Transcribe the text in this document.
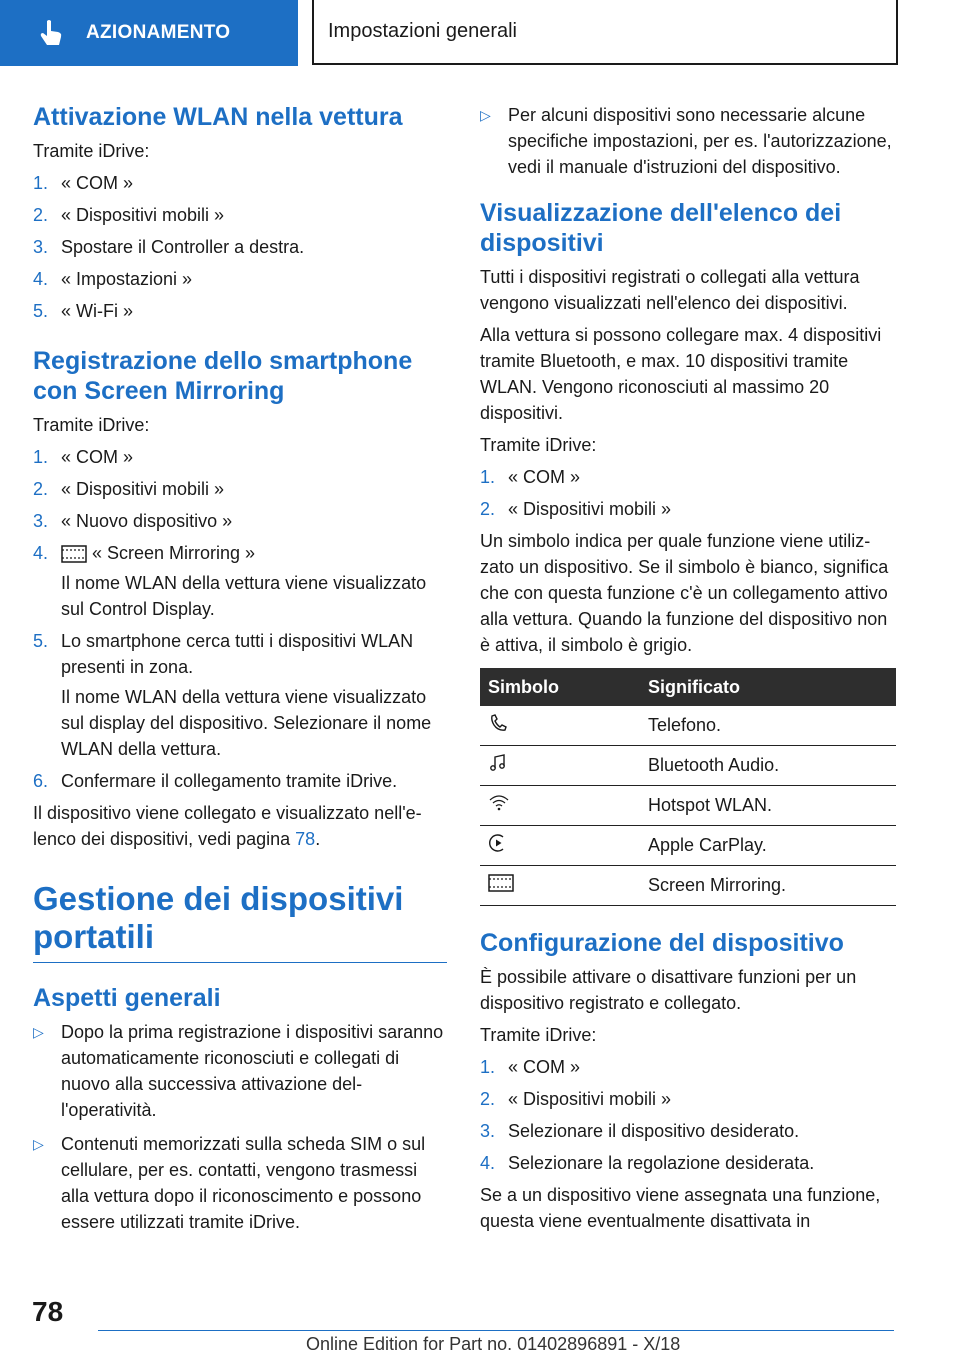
AZIONAMENTO	Impostazioni generali
Attivazione WLAN nella vettura

Tramite iDrive:

1. « COM »
2. « Dispositivi mobili »
3. Spostare il Controller a destra.
4. « Impostazioni »
5. « Wi-Fi »
Registrazione dello smartphone con Screen Mirroring

Tramite iDrive:

1. « COM »
2. « Dispositivi mobili »
3. « Nuovo dispositivo »
4. « Screen Mirroring »
Il nome WLAN della vettura viene visualizzato sul Control Display.
5. Lo smartphone cerca tutti i dispositivi WLAN presenti in zona.
Il nome WLAN della vettura viene visualizzato sul display del dispositivo. Selezionare il nome WLAN della vettura.
6. Confermare il collegamento tramite iDrive.

Il dispositivo viene collegato e visualizzato nell'elenco dei dispositivi, vedi pagina 78.

Gestione dei dispositivi portatili
Aspetti generali
▷ Dopo la prima registrazione i dispositivi saranno automaticamente riconosciuti e collegati di nuovo alla successiva attivazione dell'operatività.
▷ Contenuti memorizzati sulla scheda SIM o sul cellulare, per es. contatti, vengono trasmessi alla vettura dopo il riconoscimento e possono essere utilizzati tramite iDrive.
▷ Per alcuni dispositivi sono necessarie alcune specifiche impostazioni, per es. l'autorizzazione, vedi il manuale d'istruzioni del dispositivo.
Visualizzazione dell'elenco dei dispositivi

Tutti i dispositivi registrati o collegati alla vettura vengono visualizzati nell'elenco dei dispositivi.

Alla vettura si possono collegare max. 4 dispositivi tramite Bluetooth, e max. 10 dispositivi tramite WLAN. Vengono riconosciuti al massimo 20 dispositivi.

Tramite iDrive:

1. « COM »
2. « Dispositivi mobili »

Un simbolo indica per quale funzione viene utilizzato un dispositivo. Se il simbolo è bianco, significa che con questa funzione c'è un collegamento attivo alla vettura. Quando la funzione del dispositivo non è attiva, il simbolo è grigio.

Simbolo	Significato
	Telefono.
	Bluetooth Audio.
	Hotspot WLAN.
	Apple CarPlay.
	Screen Mirroring.
Configurazione del dispositivo

È possibile attivare o disattivare funzioni per un dispositivo registrato e collegato.

Tramite iDrive:

1. « COM »
2. « Dispositivi mobili »
3. Selezionare il dispositivo desiderato.
4. Selezionare la regolazione desiderata.

Se a un dispositivo viene assegnata una funzione, questa viene eventualmente disattivata in

78
Online Edition for Part no. 01402896891 - X/18
